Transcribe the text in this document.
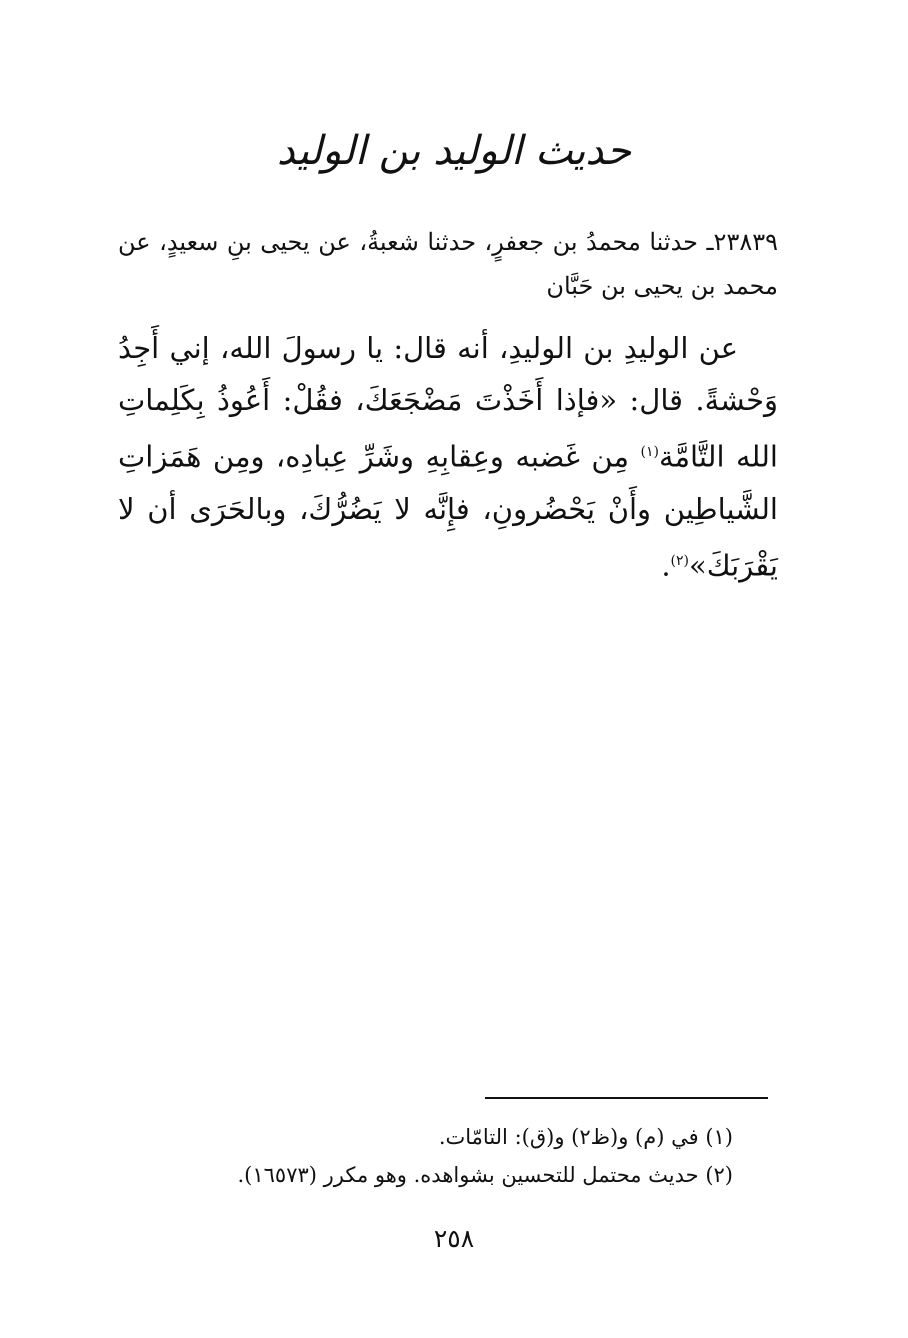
حديث الوليد بن الوليد

٢٣٨٣٩ـ حدثنا محمدُ بن جعفرٍ، حدثنا شعبةُ، عن يحيى بنِ سعيدٍ، عن محمد بن يحيى بن حَبَّان

عن الوليدِ بن الوليدِ، أنه قال: يا رسولَ الله، إني أَجِدُ وَحْشةً. قال: «فإذا أَخَذْتَ مَضْجَعَكَ، فقُلْ: أَعُوذُ بِكَلِماتِ الله التَّامَّة$^{(١)}$ مِن غَضبه وعِقابِهِ وشَرِّ عِبادِه، ومِن هَمَزاتِ الشَّياطِين وأَنْ يَحْضُرونِ، فإِنَّه لا يَضُرُّكَ، وبالحَرَى أن لا يَقْرَبَكَ»$^{(٢)}$.

(١) في (م) و(ظ٢) و(ق): التامّات.
(٢) حديث محتمل للتحسين بشواهده. وهو مكرر (١٦٥٧٣).
٢٥٨
